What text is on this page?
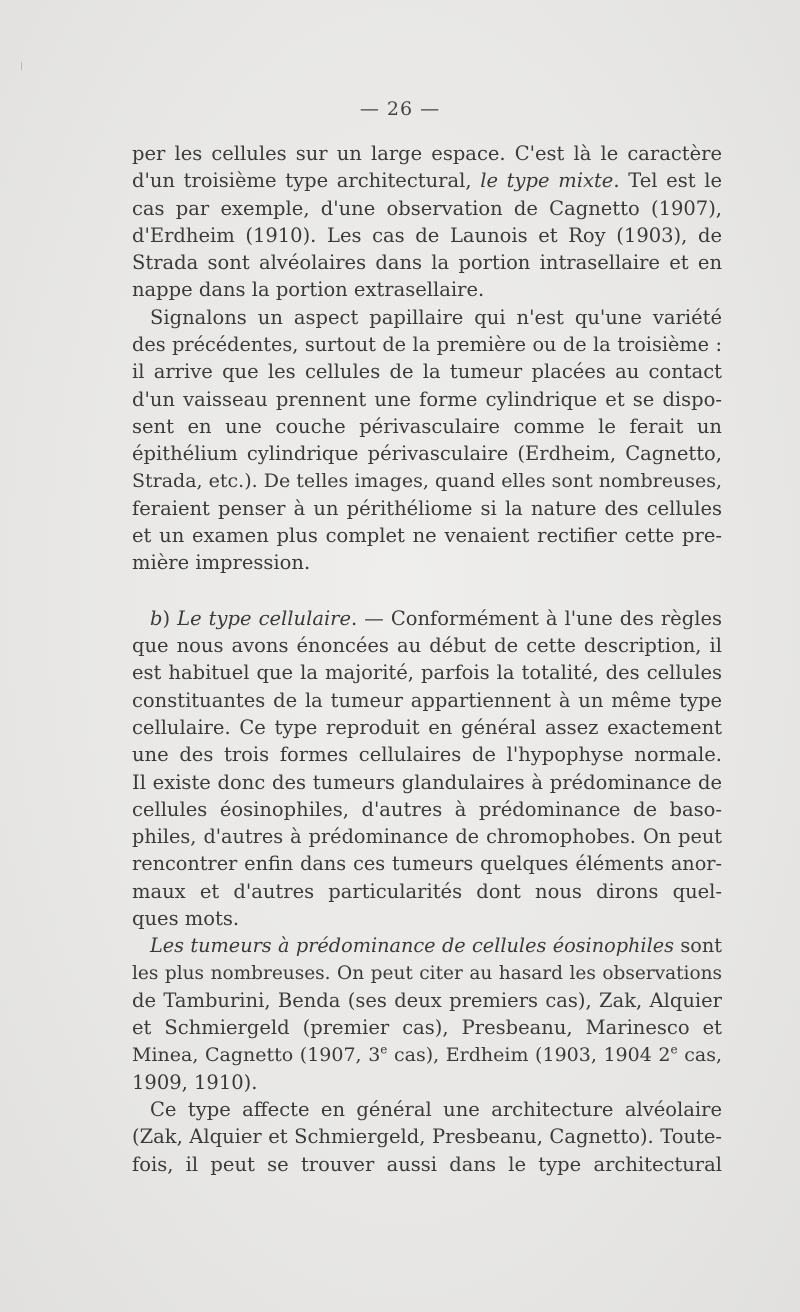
— 26 —
per les cellules sur un large espace. C'est là le caractère
d'un troisième type architectural, le type mixte. Tel est le
cas par exemple, d'une observation de Cagnetto (1907),
d'Erdheim (1910). Les cas de Launois et Roy (1903), de
Strada sont alvéolaires dans la portion intrasellaire et en
nappe dans la portion extrasellaire.
Signalons un aspect papillaire qui n'est qu'une variété
des précédentes, surtout de la première ou de la troisième :
il arrive que les cellules de la tumeur placées au contact
d'un vaisseau prennent une forme cylindrique et se dispo-
sent en une couche périvasculaire comme le ferait un
épithélium cylindrique périvasculaire (Erdheim, Cagnetto,
Strada, etc.). De telles images, quand elles sont nombreuses,
feraient penser à un périthéliome si la nature des cellules
et un examen plus complet ne venaient rectifier cette pre-
mière impression.
b) Le type cellulaire. — Conformément à l'une des règles
que nous avons énoncées au début de cette description, il
est habituel que la majorité, parfois la totalité, des cellules
constituantes de la tumeur appartiennent à un même type
cellulaire. Ce type reproduit en général assez exactement
une des trois formes cellulaires de l'hypophyse normale.
Il existe donc des tumeurs glandulaires à prédominance de
cellules éosinophiles, d'autres à prédominance de baso-
philes, d'autres à prédominance de chromophobes. On peut
rencontrer enfin dans ces tumeurs quelques éléments anor-
maux et d'autres particularités dont nous dirons quel-
ques mots.
Les tumeurs à prédominance de cellules éosinophiles sont
les plus nombreuses. On peut citer au hasard les observations
de Tamburini, Benda (ses deux premiers cas), Zak, Alquier
et Schmiergeld (premier cas), Presbeanu, Marinesco et
Minea, Cagnetto (1907, 3e cas), Erdheim (1903, 1904 2e cas,
1909, 1910).
Ce type affecte en général une architecture alvéolaire
(Zak, Alquier et Schmiergeld, Presbeanu, Cagnetto). Toute-
fois, il peut se trouver aussi dans le type architectural
